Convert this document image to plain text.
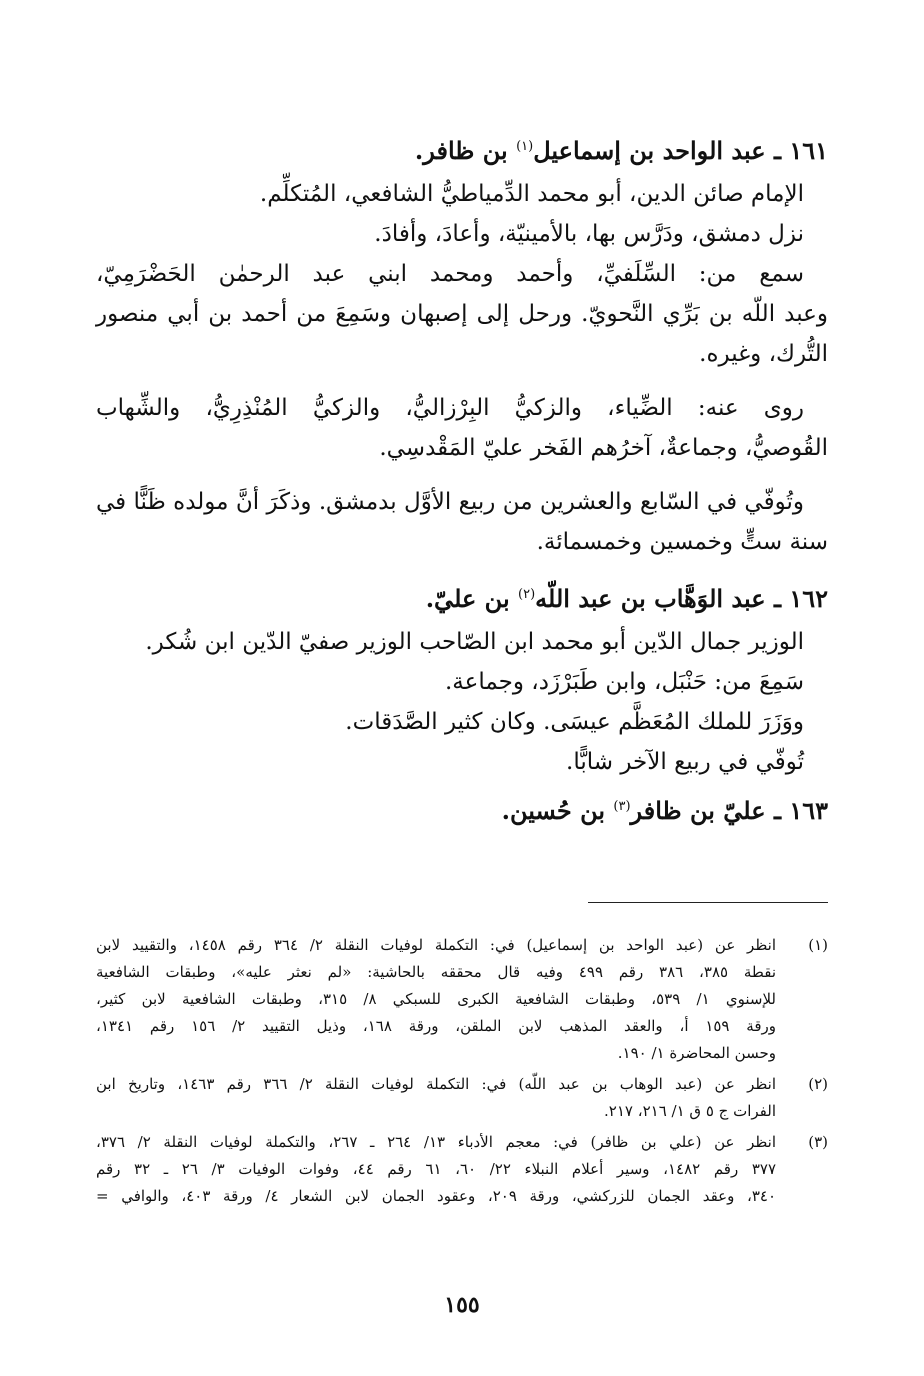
١٦١ ـ عبد الواحد بن إسماعيل$^{(١)}$ بن ظافر.
الإمام صائن الدين، أبو محمد الدِّمياطيُّ الشافعي، المُتكلِّم.
نزل دمشق، ودَرَّس بها، بالأمينيّة، وأعادَ، وأفادَ.
سمع من: السِّلَفيِّ، وأحمد ومحمد ابني عبد الرحمٰن الحَضْرَمِيّ،
وعبد اللّه بن بَرِّي النَّحويّ. ورحل إلى إصبهان وسَمِعَ من أحمد بن أبي منصور
التُّرك، وغيره.
روى عنه: الضِّياء، والزكيُّ البِرْزاليُّ، والزكيُّ المُنْذِرِيُّ، والشِّهاب
القُوصيُّ، وجماعةٌ، آخرُهم الفَخر عليّ المَقْدسِي.
وتُوفّي في السّابع والعشرين من ربيع الأوَّل بدمشق. وذكَرَ أنَّ مولده ظَنًّا في
سنة ستٍّ وخمسين وخمسمائة.
١٦٢ ـ عبد الوَهَّاب بن عبد اللّه$^{(٢)}$ بن عليّ.
الوزير جمال الدّين أبو محمد ابن الصّاحب الوزير صفيّ الدّين ابن شُكر.
سَمِعَ من: حَنْبَل، وابن طَبَرْزَد، وجماعة.
ووَزَرَ للملك المُعَظَّم عيسَى. وكان كثير الصَّدَقات.
تُوفّي في ربيع الآخر شابًّا.
١٦٣ ـ عليّ بن ظافر$^{(٣)}$ بن حُسين.
(١)
انظر عن (عبد الواحد بن إسماعيل) في: التكملة لوفيات النقلة ٢/ ٣٦٤ رقم ١٤٥٨، والتقييد لابن
نقطة ٣٨٥، ٣٨٦ رقم ٤٩٩ وفيه قال محققه بالحاشية: «لم نعثر عليه»، وطبقات الشافعية
للإسنوي ١/ ٥٣٩، وطبقات الشافعية الكبرى للسبكي ٨/ ٣١٥، وطبقات الشافعية لابن كثير،
ورقة ١٥٩ أ، والعقد المذهب لابن الملقن، ورقة ١٦٨، وذيل التقييد ٢/ ١٥٦ رقم ١٣٤١،
وحسن المحاضرة ١/ ١٩٠.
(٢)
انظر عن (عبد الوهاب بن عبد اللّه) في: التكملة لوفيات النقلة ٢/ ٣٦٦ رقم ١٤٦٣، وتاريخ ابن
الفرات ج ٥ ق ١/ ٢١٦، ٢١٧.
(٣)
انظر عن (علي بن ظافر) في: معجم الأدباء ١٣/ ٢٦٤ ـ ٢٦٧، والتكملة لوفيات النقلة ٢/ ٣٧٦،
٣٧٧ رقم ١٤٨٢، وسير أعلام النبلاء ٢٢/ ٦٠، ٦١ رقم ٤٤، وفوات الوفيات ٣/ ٢٦ ـ ٣٢ رقم
٣٤٠، وعقد الجمان للزركشي، ورقة ٢٠٩، وعقود الجمان لابن الشعار ٤/ ورقة ٤٠٣، والوافي =
١٥٥
